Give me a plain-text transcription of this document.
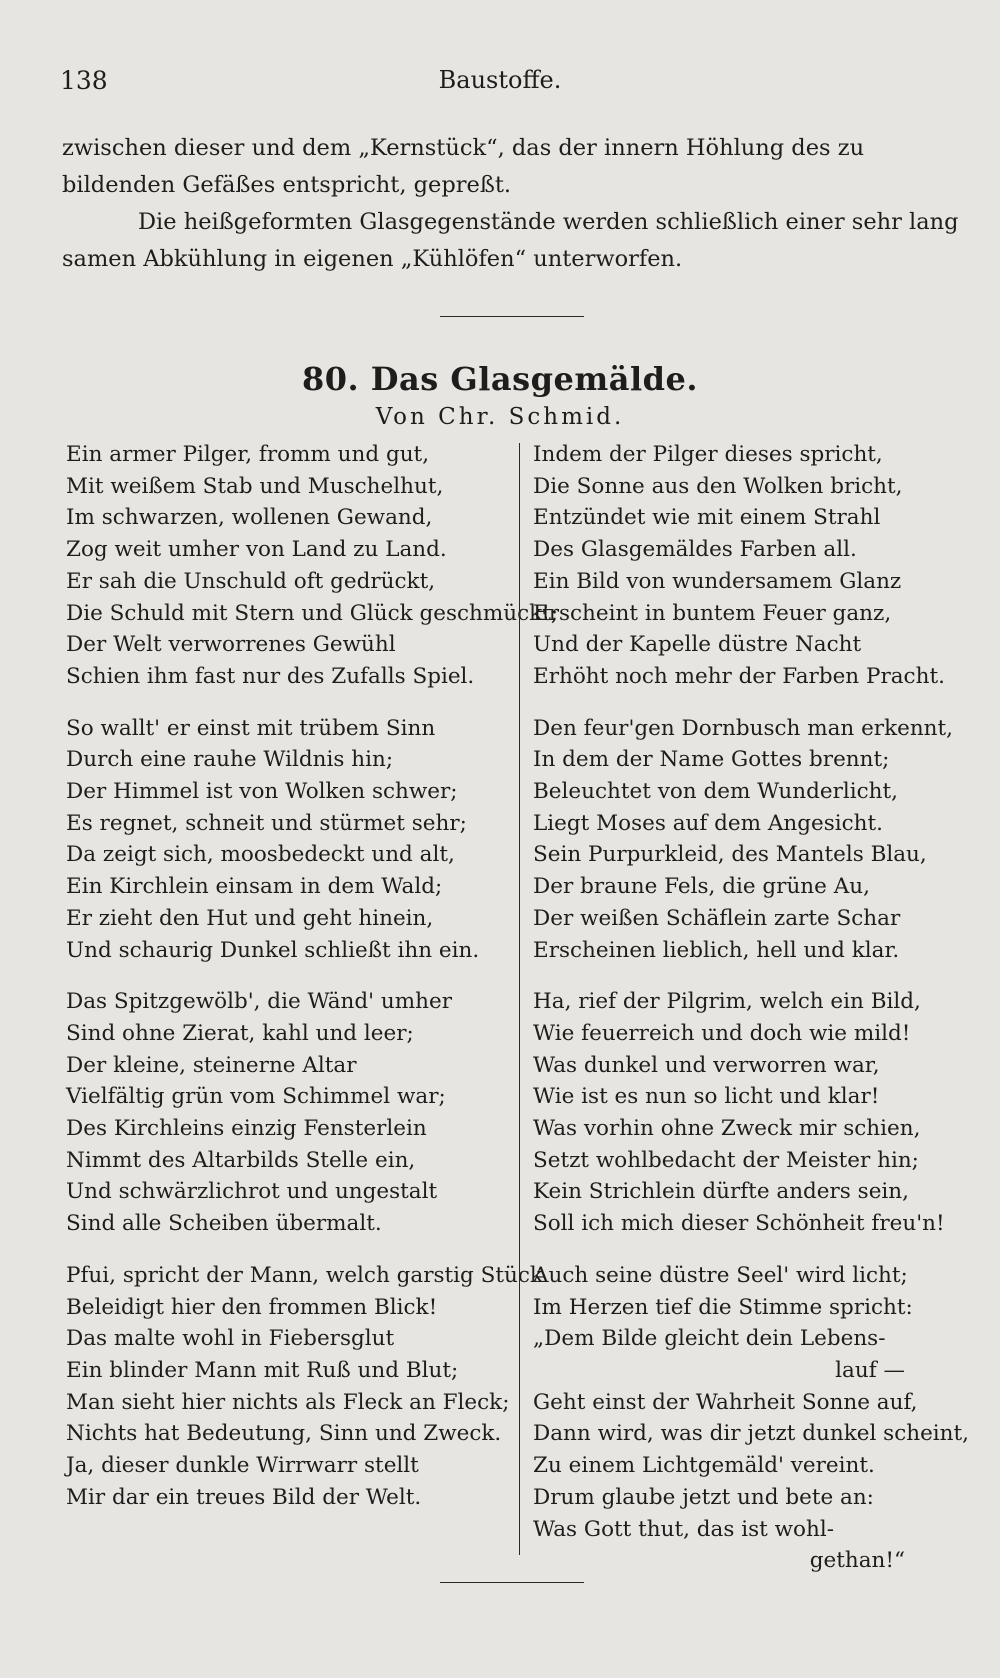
138	Baustoffe.

zwischen dieser und dem „Kernstück“, das der innern Höhlung des zu bildenden Gefäßes entspricht, gepreßt.

Die heißgeformten Glasgegenstände werden schließlich einer sehr lang samen Abkühlung in eigenen „Kühlöfen“ unterworfen.

80. Das Glasgemälde.
Von Chr. Schmid.
Ein armer Pilger, fromm und gut,
Mit weißem Stab und Muschelhut,
Im schwarzen, wollenen Gewand,
Zog weit umher von Land zu Land.
Er sah die Unschuld oft gedrückt,
Die Schuld mit Stern und Glück geschmückt;
Der Welt verworrenes Gewühl
Schien ihm fast nur des Zufalls Spiel.
So wallt' er einst mit trübem Sinn
Durch eine rauhe Wildnis hin;
Der Himmel ist von Wolken schwer;
Es regnet, schneit und stürmet sehr;
Da zeigt sich, moosbedeckt und alt,
Ein Kirchlein einsam in dem Wald;
Er zieht den Hut und geht hinein,
Und schaurig Dunkel schließt ihn ein.
Das Spitzgewölb', die Wänd' umher
Sind ohne Zierat, kahl und leer;
Der kleine, steinerne Altar
Vielfältig grün vom Schimmel war;
Des Kirchleins einzig Fensterlein
Nimmt des Altarbilds Stelle ein,
Und schwärzlichrot und ungestalt
Sind alle Scheiben übermalt.
Pfui, spricht der Mann, welch garstig Stück
Beleidigt hier den frommen Blick!
Das malte wohl in Fiebersglut
Ein blinder Mann mit Ruß und Blut;
Man sieht hier nichts als Fleck an Fleck;
Nichts hat Bedeutung, Sinn und Zweck.
Ja, dieser dunkle Wirrwarr stellt
Mir dar ein treues Bild der Welt.
Indem der Pilger dieses spricht,
Die Sonne aus den Wolken bricht,
Entzündet wie mit einem Strahl
Des Glasgemäldes Farben all.
Ein Bild von wundersamem Glanz
Erscheint in buntem Feuer ganz,
Und der Kapelle düstre Nacht
Erhöht noch mehr der Farben Pracht.
Den feur'gen Dornbusch man erkennt,
In dem der Name Gottes brennt;
Beleuchtet von dem Wunderlicht,
Liegt Moses auf dem Angesicht.
Sein Purpurkleid, des Mantels Blau,
Der braune Fels, die grüne Au,
Der weißen Schäflein zarte Schar
Erscheinen lieblich, hell und klar.
Ha, rief der Pilgrim, welch ein Bild,
Wie feuerreich und doch wie mild!
Was dunkel und verworren war,
Wie ist es nun so licht und klar!
Was vorhin ohne Zweck mir schien,
Setzt wohlbedacht der Meister hin;
Kein Strichlein dürfte anders sein,
Soll ich mich dieser Schönheit freu'n!
Auch seine düstre Seel' wird licht;
Im Herzen tief die Stimme spricht:
„Dem Bilde gleicht dein Lebens-
lauf —
Geht einst der Wahrheit Sonne auf,
Dann wird, was dir jetzt dunkel scheint,
Zu einem Lichtgemäld' vereint.
Drum glaube jetzt und bete an:
Was Gott thut, das ist wohl-
gethan!“
